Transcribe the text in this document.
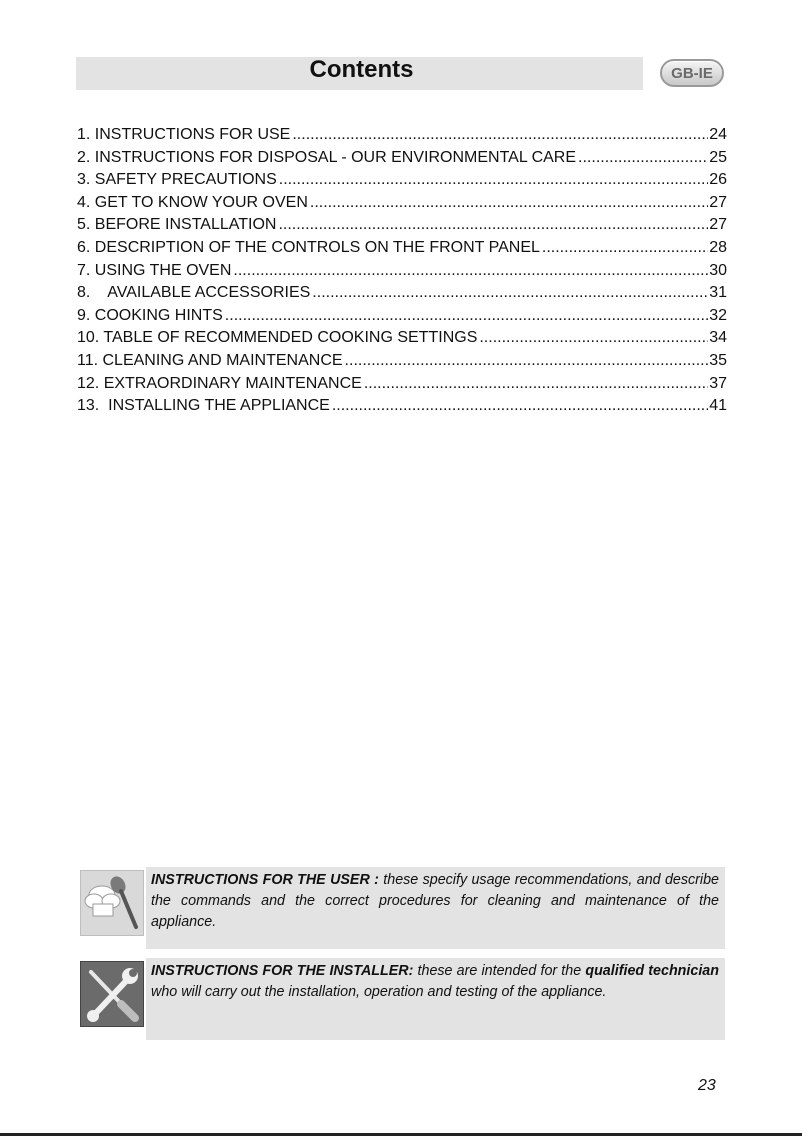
Contents	GB-IE
1. INSTRUCTIONS FOR USE .....	24
2. INSTRUCTIONS FOR DISPOSAL - OUR ENVIRONMENTAL CARE .....	25
3. SAFETY PRECAUTIONS .....	26
4. GET TO KNOW YOUR OVEN .....	27
5. BEFORE INSTALLATION .....	27
6. DESCRIPTION OF THE CONTROLS ON THE FRONT PANEL .....	28
7. USING THE OVEN .....	30
8.    AVAILABLE ACCESSORIES .....	31
9. COOKING HINTS .....	32
10. TABLE OF RECOMMENDED COOKING SETTINGS .....	34
11. CLEANING AND MAINTENANCE .....	35
12. EXTRAORDINARY MAINTENANCE .....	37
13.  INSTALLING THE APPLIANCE .....	41
INSTRUCTIONS FOR THE USER : these specify usage recommendations, and describe the commands and the correct procedures for cleaning and maintenance of the appliance.
INSTRUCTIONS FOR THE INSTALLER: these are intended for the qualified technician who will carry out the installation, operation and testing of the appliance.
23
